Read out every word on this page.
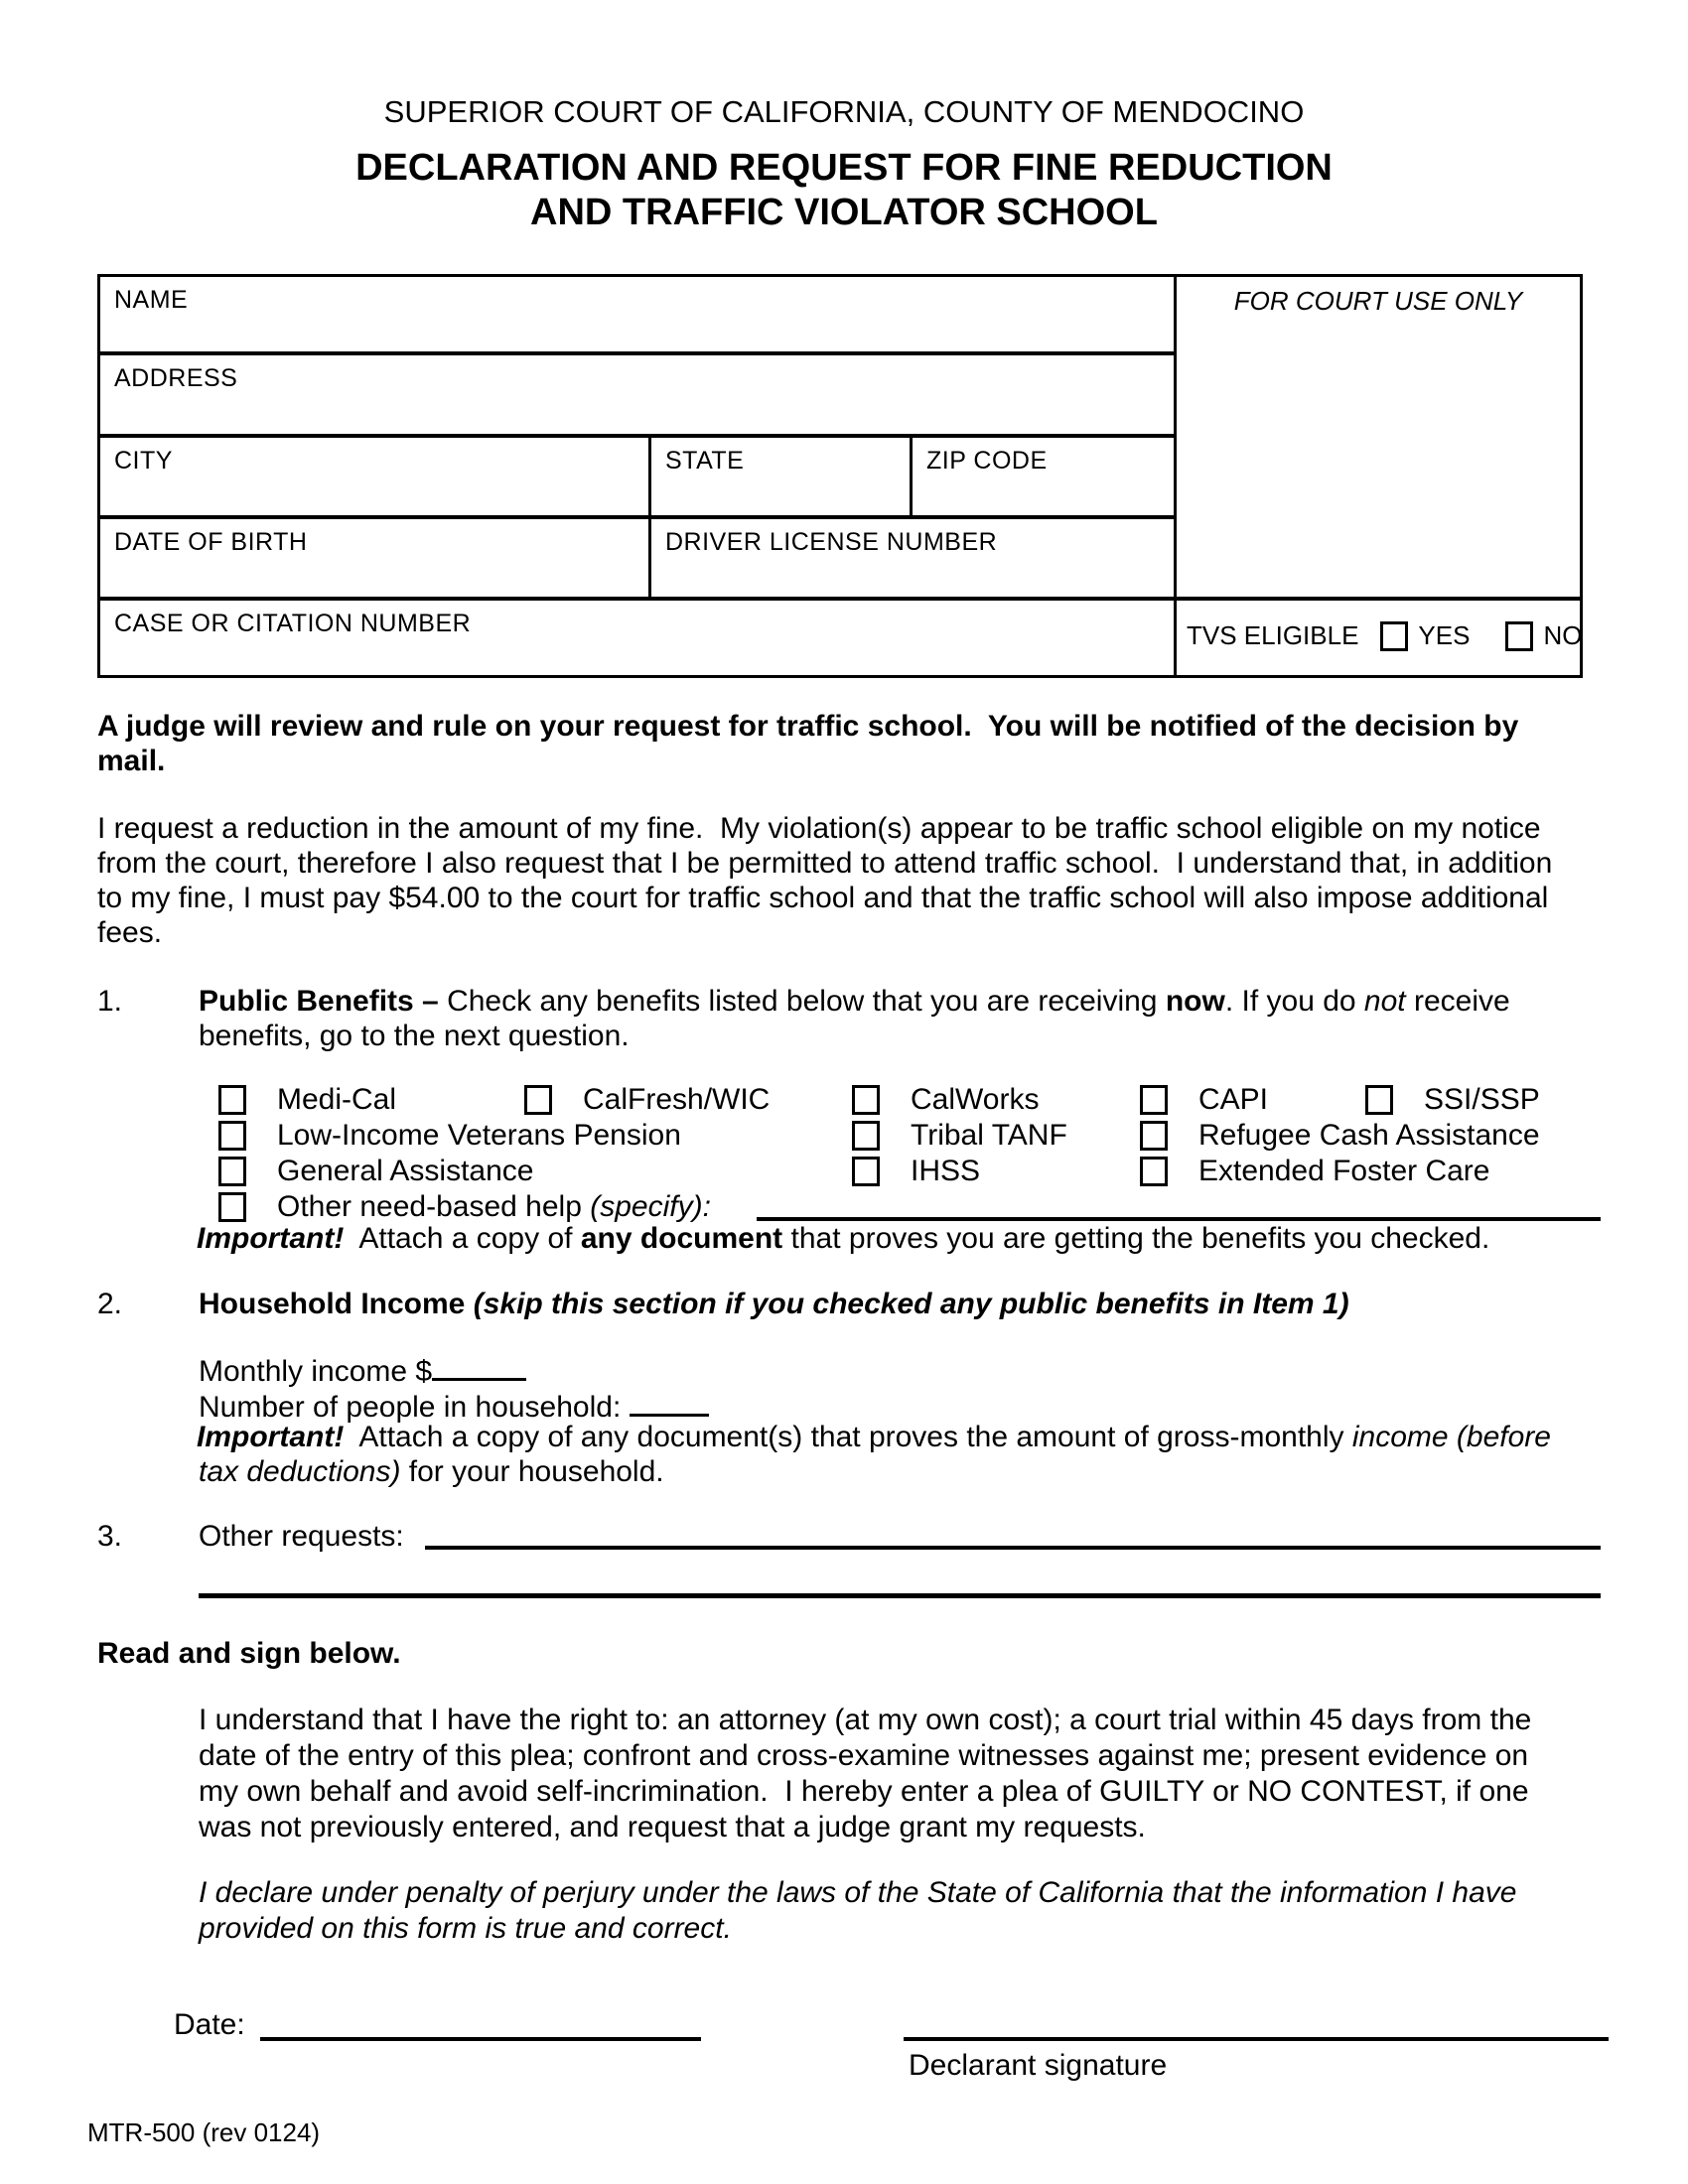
SUPERIOR COURT OF CALIFORNIA, COUNTY OF MENDOCINO
DECLARATION AND REQUEST FOR FINE REDUCTION
AND TRAFFIC VIOLATOR SCHOOL
NAME
ADDRESS
CITY	STATE	ZIP CODE
DATE OF BIRTH	DRIVER LICENSE NUMBER
CASE OR CITATION NUMBER
FOR COURT USE ONLY
TVS ELIGIBLE YES	NO
A judge will review and rule on your request for traffic school.  You will be notified of the decision by
mail.
I request a reduction in the amount of my fine.  My violation(s) appear to be traffic school eligible on my notice
from the court, therefore I also request that I be permitted to attend traffic school.  I understand that, in addition
to my fine, I must pay $54.00 to the court for traffic school and that the traffic school will also impose additional
fees.
1.	Public Benefits – Check any benefits listed below that you are receiving now. If you do not receive
benefits, go to the next question.
Medi-Cal	CalFresh/WIC	CalWorks	CAPI	SSI/SSP
Low-Income Veterans Pension	Tribal TANF	Refugee Cash Assistance
General Assistance	IHSS	Extended Foster Care
Other need-based help (specify):
Important!  Attach a copy of any document that proves you are getting the benefits you checked.
2.	Household Income (skip this section if you checked any public benefits in Item 1)
Monthly income $
Number of people in household:
Important!  Attach a copy of any document(s) that proves the amount of gross-monthly income (before
tax deductions) for your household.
3.	Other requests:
Read and sign below.
I understand that I have the right to: an attorney (at my own cost); a court trial within 45 days from the
date of the entry of this plea; confront and cross-examine witnesses against me; present evidence on
my own behalf and avoid self-incrimination.  I hereby enter a plea of GUILTY or NO CONTEST, if one
was not previously entered, and request that a judge grant my requests.
I declare under penalty of perjury under the laws of the State of California that the information I have
provided on this form is true and correct.
Date:
Declarant signature
MTR-500 (rev 0124)
